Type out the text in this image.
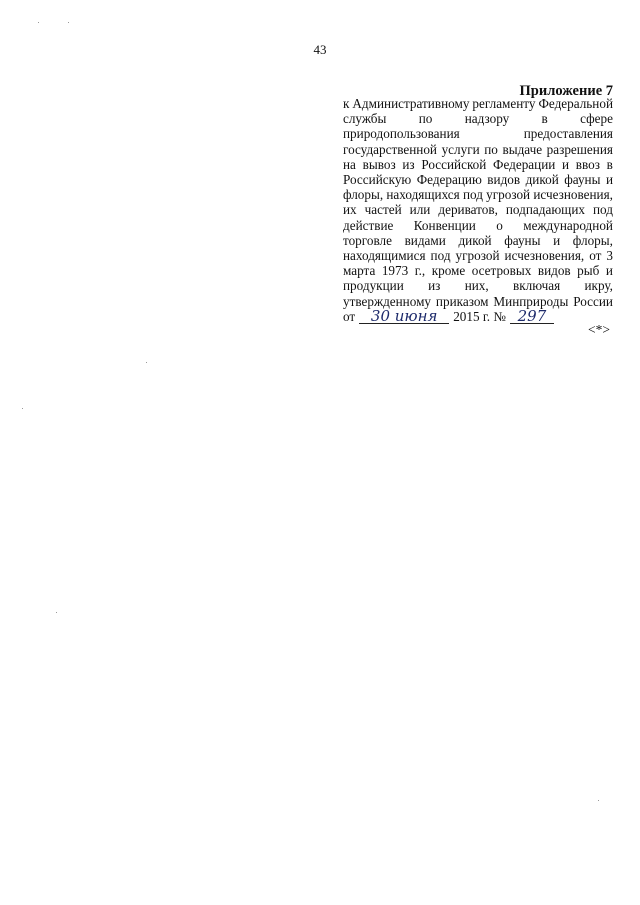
43
Приложение 7
к Административному регламенту Федеральной
службы по надзору в сфере
природопользования	предоставления
государственной услуги по выдаче разрешения
на вывоз из Российской Федерации и ввоз в
Российскую Федерацию видов дикой фауны и
флоры, находящихся под угрозой исчезновения,
их частей или дериватов, подпадающих под
действие Конвенции о международной
торговле видами дикой фауны и флоры,
находящимися под угрозой исчезновения, от 3
марта 1973 г., кроме осетровых видов рыб и
продукции из них, включая икру,
утвержденному приказом Минприроды России
от	30 июня	2015 г. № 297
<*>
